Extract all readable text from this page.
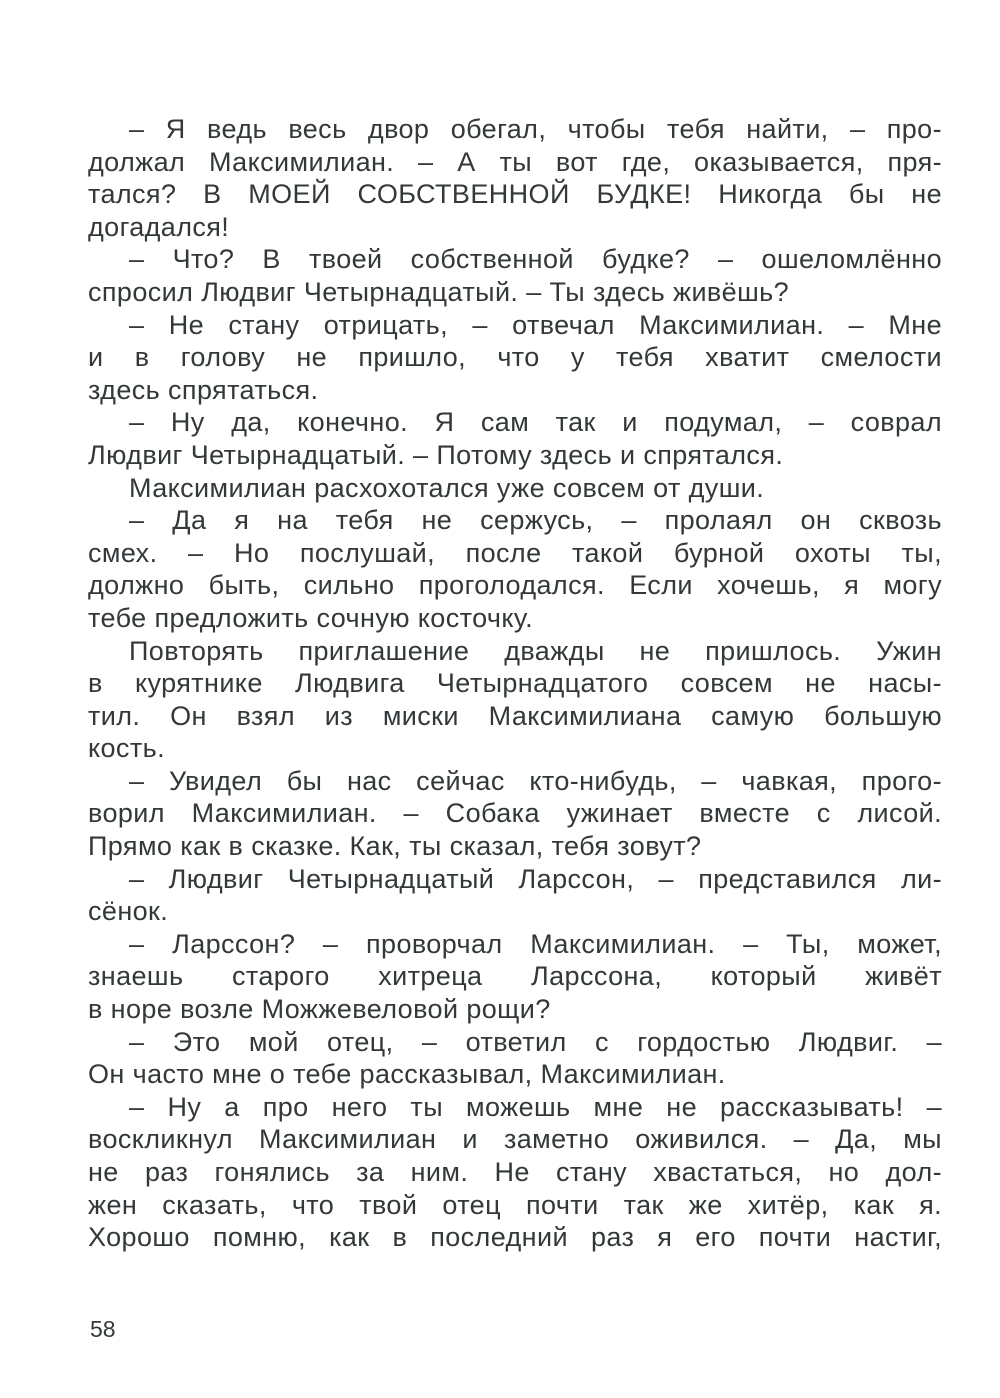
– Я ведь весь двор обегал, чтобы тебя найти, – про-
должал Максимилиан. – А ты вот где, оказывается, пря-
тался? В МОЕЙ СОБСТВЕННОЙ БУДКЕ! Никогда бы не
догадался!
– Что? В твоей собственной будке? – ошеломлённо
спросил Людвиг Четырнадцатый. – Ты здесь живёшь?
– Не стану отрицать, – отвечал Максимилиан. – Мне
и в голову не пришло, что у тебя хватит смелости
здесь спрятаться.
– Ну да, конечно. Я сам так и подумал, – соврал
Людвиг Четырнадцатый. – Потому здесь и спрятался.
Максимилиан расхохотался уже совсем от души.
– Да я на тебя не сержусь, – пролаял он сквозь
смех. – Но послушай, после такой бурной охоты ты,
должно быть, сильно проголодался. Если хочешь, я могу
тебе предложить сочную косточку.
Повторять приглашение дважды не пришлось. Ужин
в курятнике Людвига Четырнадцатого совсем не насы-
тил. Он взял из миски Максимилиана самую большую
кость.
– Увидел бы нас сейчас кто-нибудь, – чавкая, прого-
ворил Максимилиан. – Собака ужинает вместе с лисой.
Прямо как в сказке. Как, ты сказал, тебя зовут?
– Людвиг Четырнадцатый Ларссон, – представился ли-
сёнок.
– Ларссон? – проворчал Максимилиан. – Ты, может,
знаешь старого хитреца Ларссона, который живёт
в норе возле Можжевеловой рощи?
– Это мой отец, – ответил с гордостью Людвиг. –
Он часто мне о тебе рассказывал, Максимилиан.
– Ну а про него ты можешь мне не рассказывать! –
воскликнул Максимилиан и заметно оживился. – Да, мы
не раз гонялись за ним. Не стану хвастаться, но дол-
жен сказать, что твой отец почти так же хитёр, как я.
Хорошо помню, как в последний раз я его почти настиг,
58
